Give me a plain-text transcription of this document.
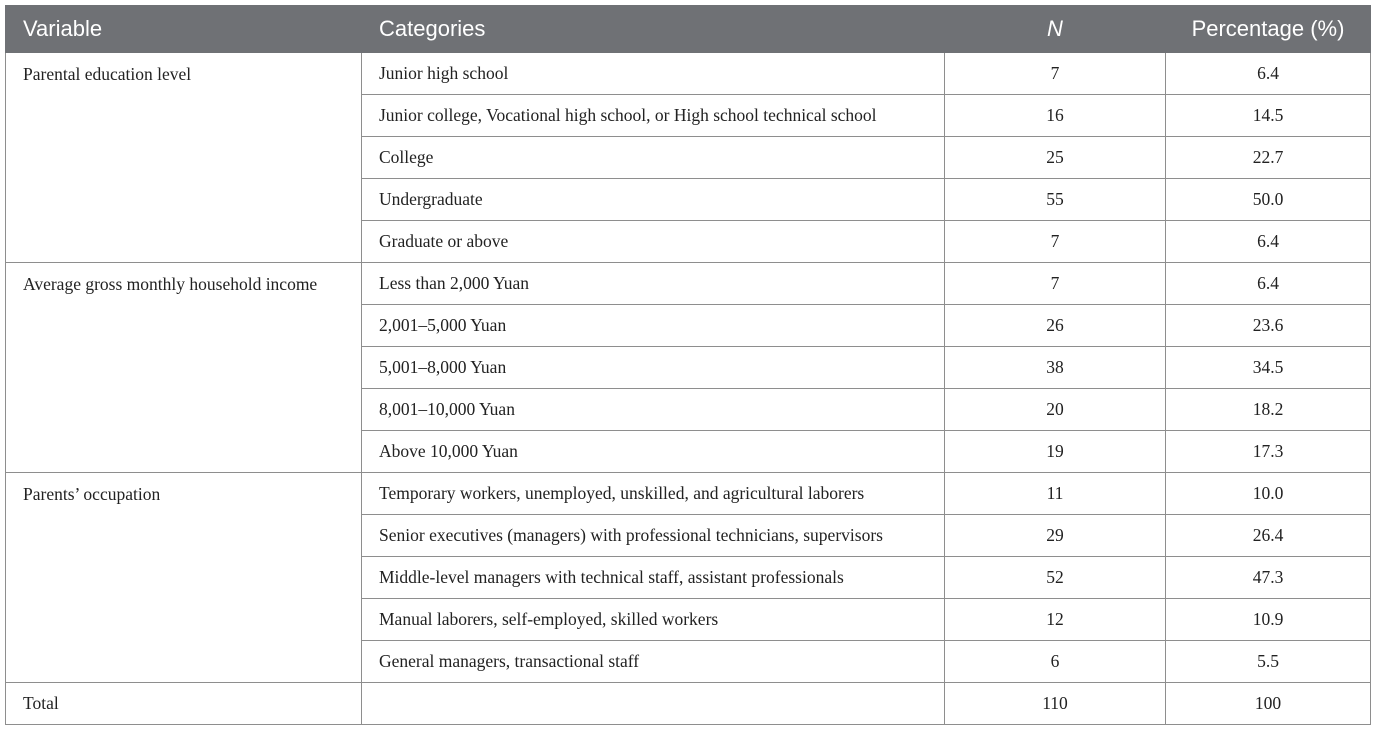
Variable	Categories	N	Percentage (%)
Parental education level	Junior high school	7	6.4
	Junior college, Vocational high school, or High school technical school	16	14.5
	College	25	22.7
	Undergraduate	55	50.0
	Graduate or above	7	6.4
Average gross monthly household income	Less than 2,000 Yuan	7	6.4
	2,001–5,000 Yuan	26	23.6
	5,001–8,000 Yuan	38	34.5
	8,001–10,000 Yuan	20	18.2
	Above 10,000 Yuan	19	17.3
Parents’ occupation	Temporary workers, unemployed, unskilled, and agricultural laborers	11	10.0
	Senior executives (managers) with professional technicians, supervisors	29	26.4
	Middle-level managers with technical staff, assistant professionals	52	47.3
	Manual laborers, self-employed, skilled workers	12	10.9
	General managers, transactional staff	6	5.5
Total		110	100
